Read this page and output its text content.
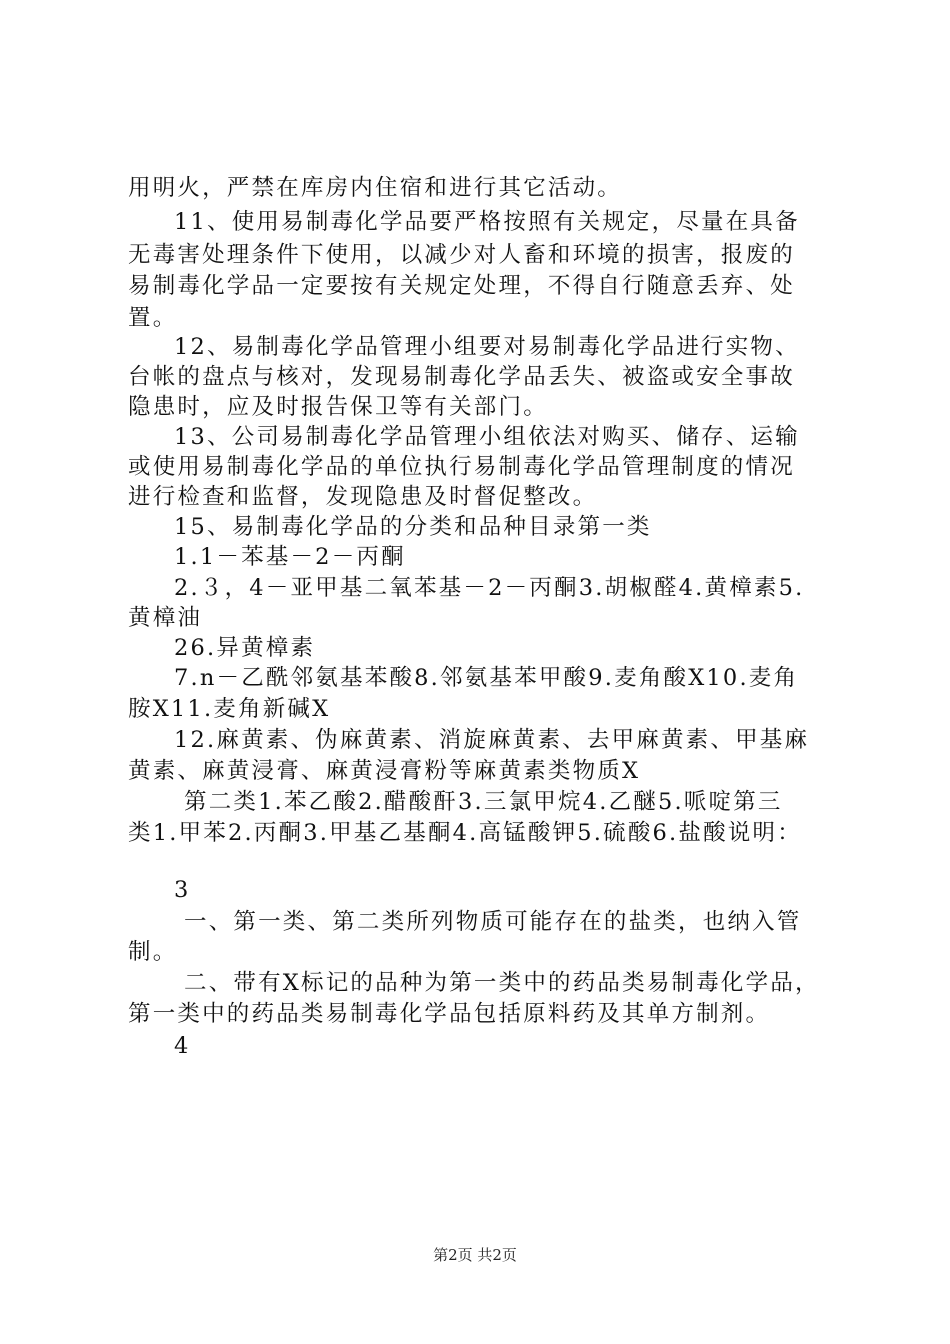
用明火，严禁在库房内住宿和进行其它活动。
11、使用易制毒化学品要严格按照有关规定，尽量在具备
无毒害处理条件下使用，以减少对人畜和环境的损害，报废的
易制毒化学品一定要按有关规定处理，不得自行随意丢弃、处
置。
12、易制毒化学品管理小组要对易制毒化学品进行实物、
台帐的盘点与核对，发现易制毒化学品丢失、被盗或安全事故
隐患时，应及时报告保卫等有关部门。
13、公司易制毒化学品管理小组依法对购买、储存、运输
或使用易制毒化学品的单位执行易制毒化学品管理制度的情况
进行检查和监督，发现隐患及时督促整改。
15、易制毒化学品的分类和品种目录第一类
1.1－苯基－2－丙酮
2.３，4－亚甲基二氧苯基－2－丙酮3.胡椒醛4.黄樟素5.
黄樟油
26.异黄樟素
7.n－乙酰邻氨基苯酸8.邻氨基苯甲酸9.麦角酸X10.麦角
胺X11.麦角新碱X
12.麻黄素、伪麻黄素、消旋麻黄素、去甲麻黄素、甲基麻
黄素、麻黄浸膏、麻黄浸膏粉等麻黄素类物质X
第二类1.苯乙酸2.醋酸酐3.三氯甲烷4.乙醚5.哌啶第三
类1.甲苯2.丙酮3.甲基乙基酮4.高锰酸钾5.硫酸6.盐酸说明：
3
一、第一类、第二类所列物质可能存在的盐类，也纳入管
制。
二、带有X标记的品种为第一类中的药品类易制毒化学品，
第一类中的药品类易制毒化学品包括原料药及其单方制剂。
4
第2页 共2页
